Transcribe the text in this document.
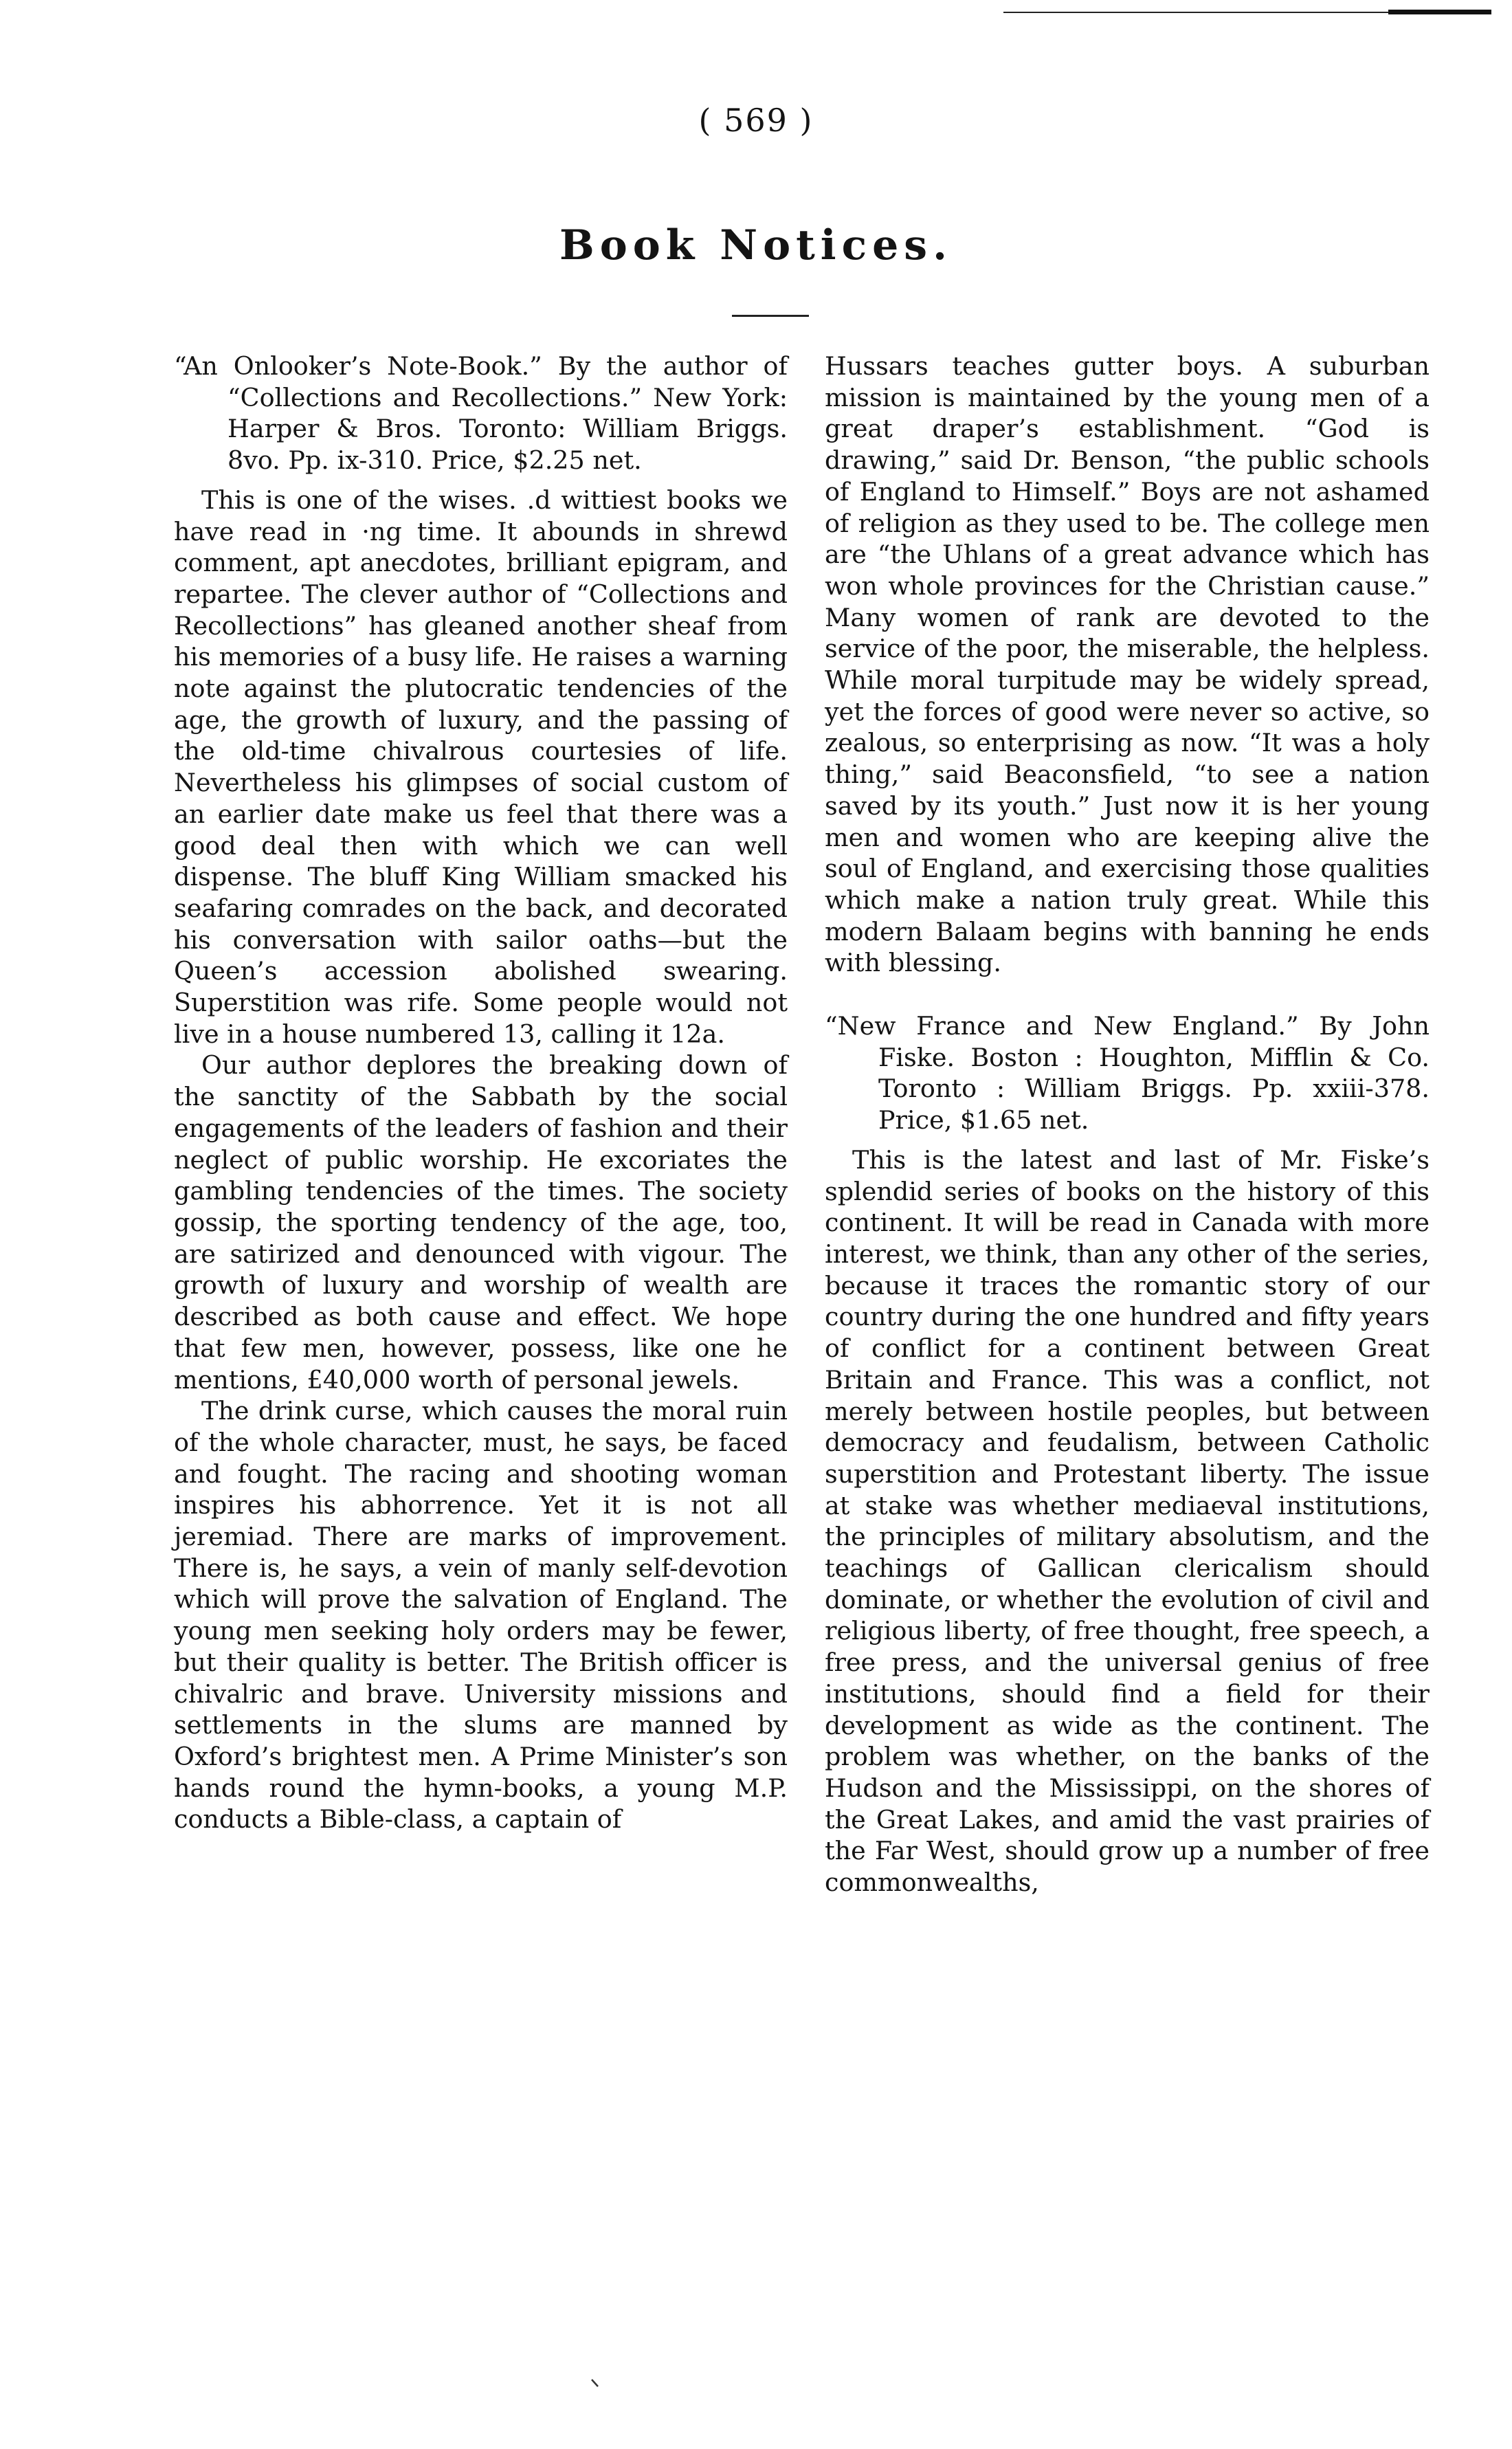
( 569 )
Book Notices.

“An Onlooker’s Note-Book.” By the author of “Collections and Recollections.” New York: Harper & Bros. Toronto: William Briggs. 8vo. Pp. ix-310. Price, $2.25 net.

This is one of the wises. .d wittiest books we have read in ·ng time. It abounds in shrewd comment, apt anecdotes, brilliant epigram, and repartee. The clever author of “Collections and Recollections” has gleaned another sheaf from his memories of a busy life. He raises a warning note against the plutocratic tendencies of the age, the growth of luxury, and the passing of the old-time chivalrous courtesies of life. Nevertheless his glimpses of social custom of an earlier date make us feel that there was a good deal then with which we can well dispense. The bluff King William smacked his seafaring comrades on the back, and decorated his conversation with sailor oaths—but the Queen’s accession abolished swearing. Superstition was rife. Some people would not live in a house numbered 13, calling it 12a.

Our author deplores the breaking down of the sanctity of the Sabbath by the social engagements of the leaders of fashion and their neglect of public worship. He excoriates the gambling tendencies of the times. The society gossip, the sporting tendency of the age, too, are satirized and denounced with vigour. The growth of luxury and worship of wealth are described as both cause and effect. We hope that few men, however, possess, like one he mentions, £40,000 worth of personal jewels.

The drink curse, which causes the moral ruin of the whole character, must, he says, be faced and fought. The racing and shooting woman inspires his abhorrence. Yet it is not all jeremiad. There are marks of improvement. There is, he says, a vein of manly self-devotion which will prove the salvation of England. The young men seeking holy orders may be fewer, but their quality is better. The British officer is chivalric and brave. University missions and settlements in the slums are manned by Oxford’s brightest men. A Prime Minister’s son hands round the hymn-books, a young M.P. conducts a Bible-class, a captain of

Hussars teaches gutter boys. A suburban mission is maintained by the young men of a great draper’s establishment. “God is drawing,” said Dr. Benson, “the public schools of England to Himself.” Boys are not ashamed of religion as they used to be. The college men are “the Uhlans of a great advance which has won whole provinces for the Christian cause.” Many women of rank are devoted to the service of the poor, the miserable, the helpless. While moral turpitude may be widely spread, yet the forces of good were never so active, so zealous, so enterprising as now. “It was a holy thing,” said Beaconsfield, “to see a nation saved by its youth.” Just now it is her young men and women who are keeping alive the soul of England, and exercising those qualities which make a nation truly great. While this modern Balaam begins with banning he ends with blessing.

“New France and New England.” By John Fiske. Boston : Houghton, Mifflin & Co. Toronto : William Briggs. Pp. xxiii-378. Price, $1.65 net.

This is the latest and last of Mr. Fiske’s splendid series of books on the history of this continent. It will be read in Canada with more interest, we think, than any other of the series, because it traces the romantic story of our country during the one hundred and fifty years of conflict for a continent between Great Britain and France. This was a conflict, not merely between hostile peoples, but between democracy and feudalism, between Catholic superstition and Protestant liberty. The issue at stake was whether mediaeval institutions, the principles of military absolutism, and the teachings of Gallican clericalism should dominate, or whether the evolution of civil and religious liberty, of free thought, free speech, a free press, and the universal genius of free institutions, should find a field for their development as wide as the continent. The problem was whether, on the banks of the Hudson and the Mississippi, on the shores of the Great Lakes, and amid the vast prairies of the Far West, should grow up a number of free commonwealths,
